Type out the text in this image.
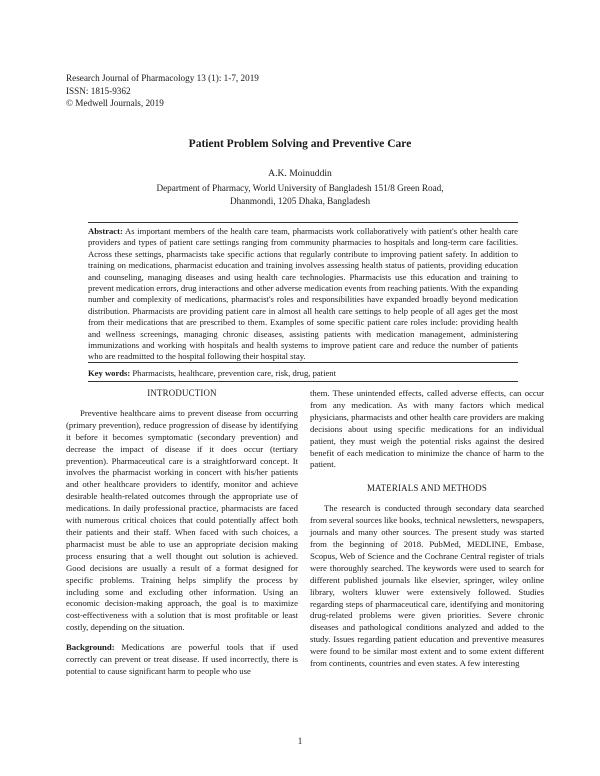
Research Journal of Pharmacology 13 (1): 1-7, 2019
ISSN: 1815-9362
© Medwell Journals, 2019
Patient Problem Solving and Preventive Care
A.K. Moinuddin
Department of Pharmacy, World University of Bangladesh 151/8 Green Road,
Dhanmondi, 1205 Dhaka, Bangladesh
Abstract: As important members of the health care team, pharmacists work collaboratively with patient's other health care providers and types of patient care settings ranging from community pharmacies to hospitals and long-term care facilities. Across these settings, pharmacists take specific actions that regularly contribute to improving patient safety. In addition to training on medications, pharmacist education and training involves assessing health status of patients, providing education and counseling, managing diseases and using health care technologies. Pharmacists use this education and training to prevent medication errors, drug interactions and other adverse medication events from reaching patients. With the expanding number and complexity of medications, pharmacist's roles and responsibilities have expanded broadly beyond medication distribution. Pharmacists are providing patient care in almost all health care settings to help people of all ages get the most from their medications that are prescribed to them. Examples of some specific patient care roles include: providing health and wellness screenings, managing chronic diseases, assisting patients with medication management, administering immunizations and working with hospitals and health systems to improve patient care and reduce the number of patients who are readmitted to the hospital following their hospital stay.
Key words: Pharmacists, healthcare, prevention care, risk, drug, patient

INTRODUCTION

Preventive healthcare aims to prevent disease from occurring (primary prevention), reduce progression of disease by identifying it before it becomes symptomatic (secondary prevention) and decrease the impact of disease if it does occur (tertiary prevention). Pharmaceutical care is a straightforward concept. It involves the pharmacist working in concert with his/her patients and other healthcare providers to identify, monitor and achieve desirable health-related outcomes through the appropriate use of medications. In daily professional practice, pharmacists are faced with numerous critical choices that could potentially affect both their patients and their staff. When faced with such choices, a pharmacist must be able to use an appropriate decision making process ensuring that a well thought out solution is achieved. Good decisions are usually a result of a format designed for specific problems. Training helps simplify the process by including some and excluding other information. Using an economic decision-making approach, the goal is to maximize cost-effectiveness with a solution that is most profitable or least costly, depending on the situation.

Background: Medications are powerful tools that if used correctly can prevent or treat disease. If used incorrectly, there is potential to cause significant harm to people who use

them. These unintended effects, called adverse effects, can occur from any medication. As with many factors which medical physicians, pharmacists and other health care providers are making decisions about using specific medications for an individual patient, they must weigh the potential risks against the desired benefit of each medication to minimize the chance of harm to the patient.

MATERIALS AND METHODS

The research is conducted through secondary data searched from several sources like books, technical newsletters, newspapers, journals and many other sources. The present study was started from the beginning of 2018. PubMed, MEDLINE, Embase, Scopus, Web of Science and the Cochrane Central register of trials were thoroughly searched. The keywords were used to search for different published journals like elsevier, springer, wiley online library, wolters kluwer were extensively followed. Studies regarding steps of pharmaceutical care, identifying and monitoring drug-related problems were given priorities. Severe chronic diseases and pathological conditions analyzed and added to the study. Issues regarding patient education and preventive measures were found to be similar most extent and to some extent different from continents, countries and even states. A few interesting

1
